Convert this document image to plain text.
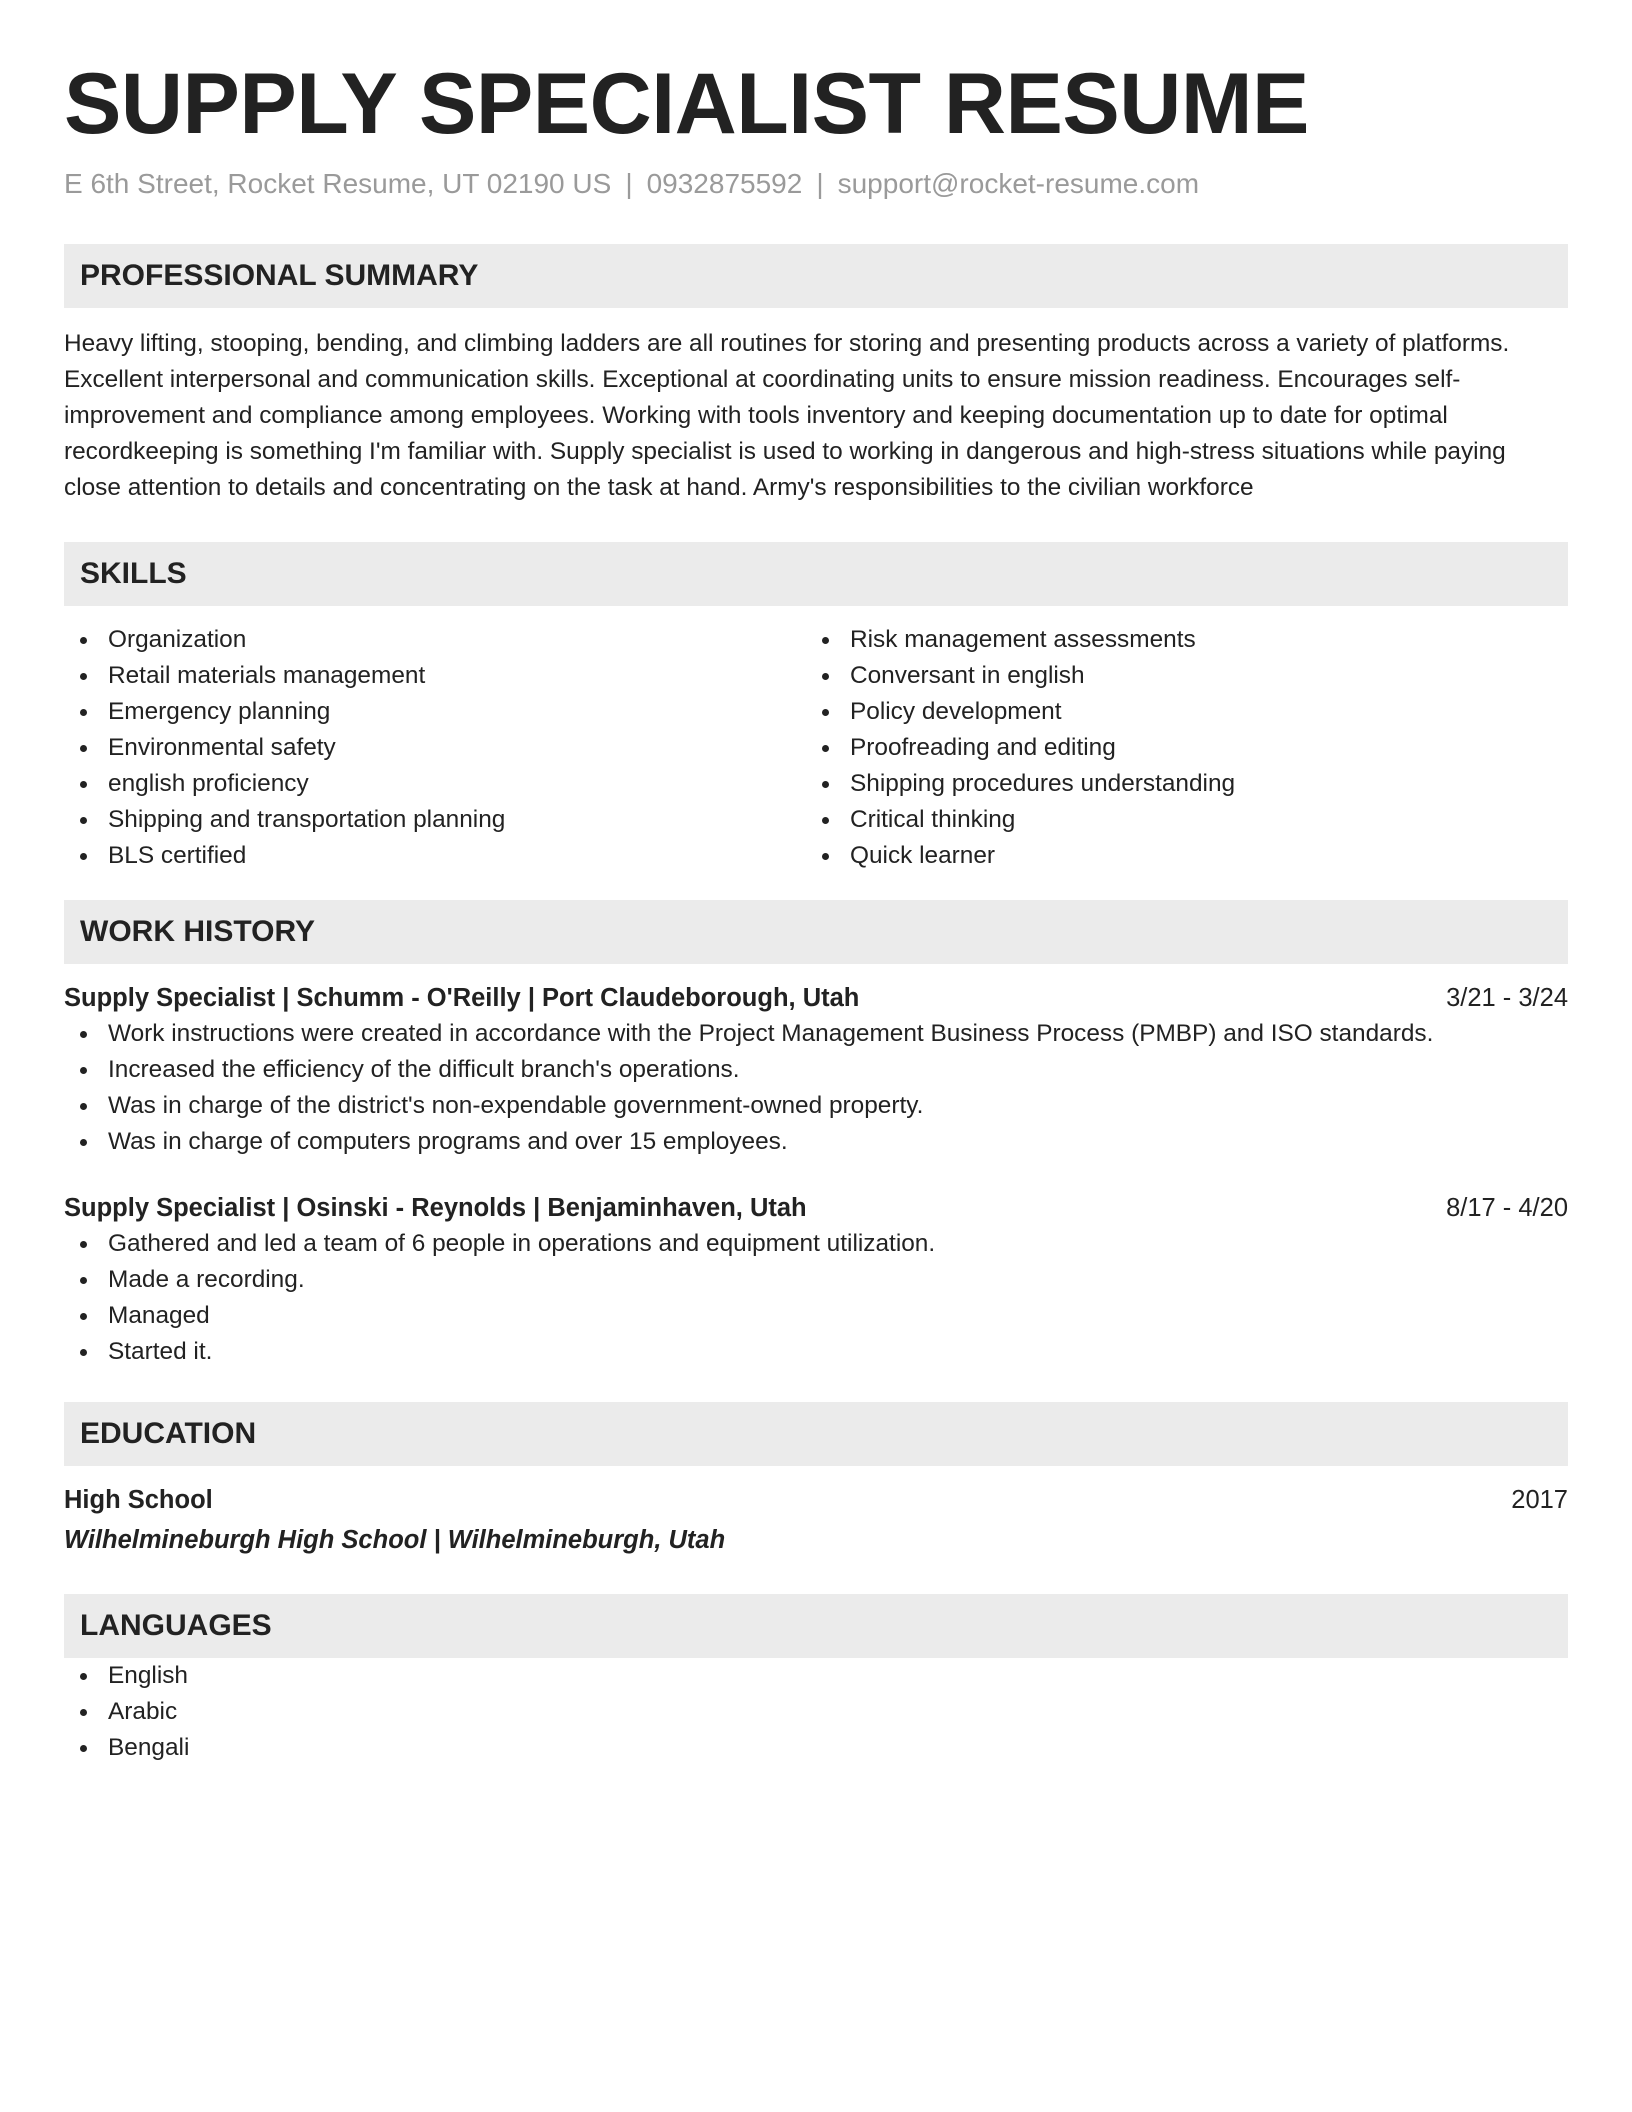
SUPPLY SPECIALIST RESUME
E 6th Street, Rocket Resume, UT 02190 US | 0932875592 | support@rocket-resume.com
PROFESSIONAL SUMMARY
Heavy lifting, stooping, bending, and climbing ladders are all routines for storing and presenting products across a variety of platforms. Excellent interpersonal and communication skills. Exceptional at coordinating units to ensure mission readiness. Encourages self-improvement and compliance among employees. Working with tools inventory and keeping documentation up to date for optimal recordkeeping is something I'm familiar with. Supply specialist is used to working in dangerous and high-stress situations while paying close attention to details and concentrating on the task at hand. Army's responsibilities to the civilian workforce
SKILLS
Organization
Retail materials management
Emergency planning
Environmental safety
english proficiency
Shipping and transportation planning
BLS certified
Risk management assessments
Conversant in english
Policy development
Proofreading and editing
Shipping procedures understanding
Critical thinking
Quick learner
WORK HISTORY
Supply Specialist | Schumm - O'Reilly | Port Claudeborough, Utah	3/21 - 3/24
Work instructions were created in accordance with the Project Management Business Process (PMBP) and ISO standards.
Increased the efficiency of the difficult branch's operations.
Was in charge of the district's non-expendable government-owned property.
Was in charge of computers programs and over 15 employees.
Supply Specialist | Osinski - Reynolds | Benjaminhaven, Utah	8/17 - 4/20
Gathered and led a team of 6 people in operations and equipment utilization.
Made a recording.
Managed
Started it.
EDUCATION
High School	2017
Wilhelmineburgh High School | Wilhelmineburgh, Utah
LANGUAGES
English
Arabic
Bengali
